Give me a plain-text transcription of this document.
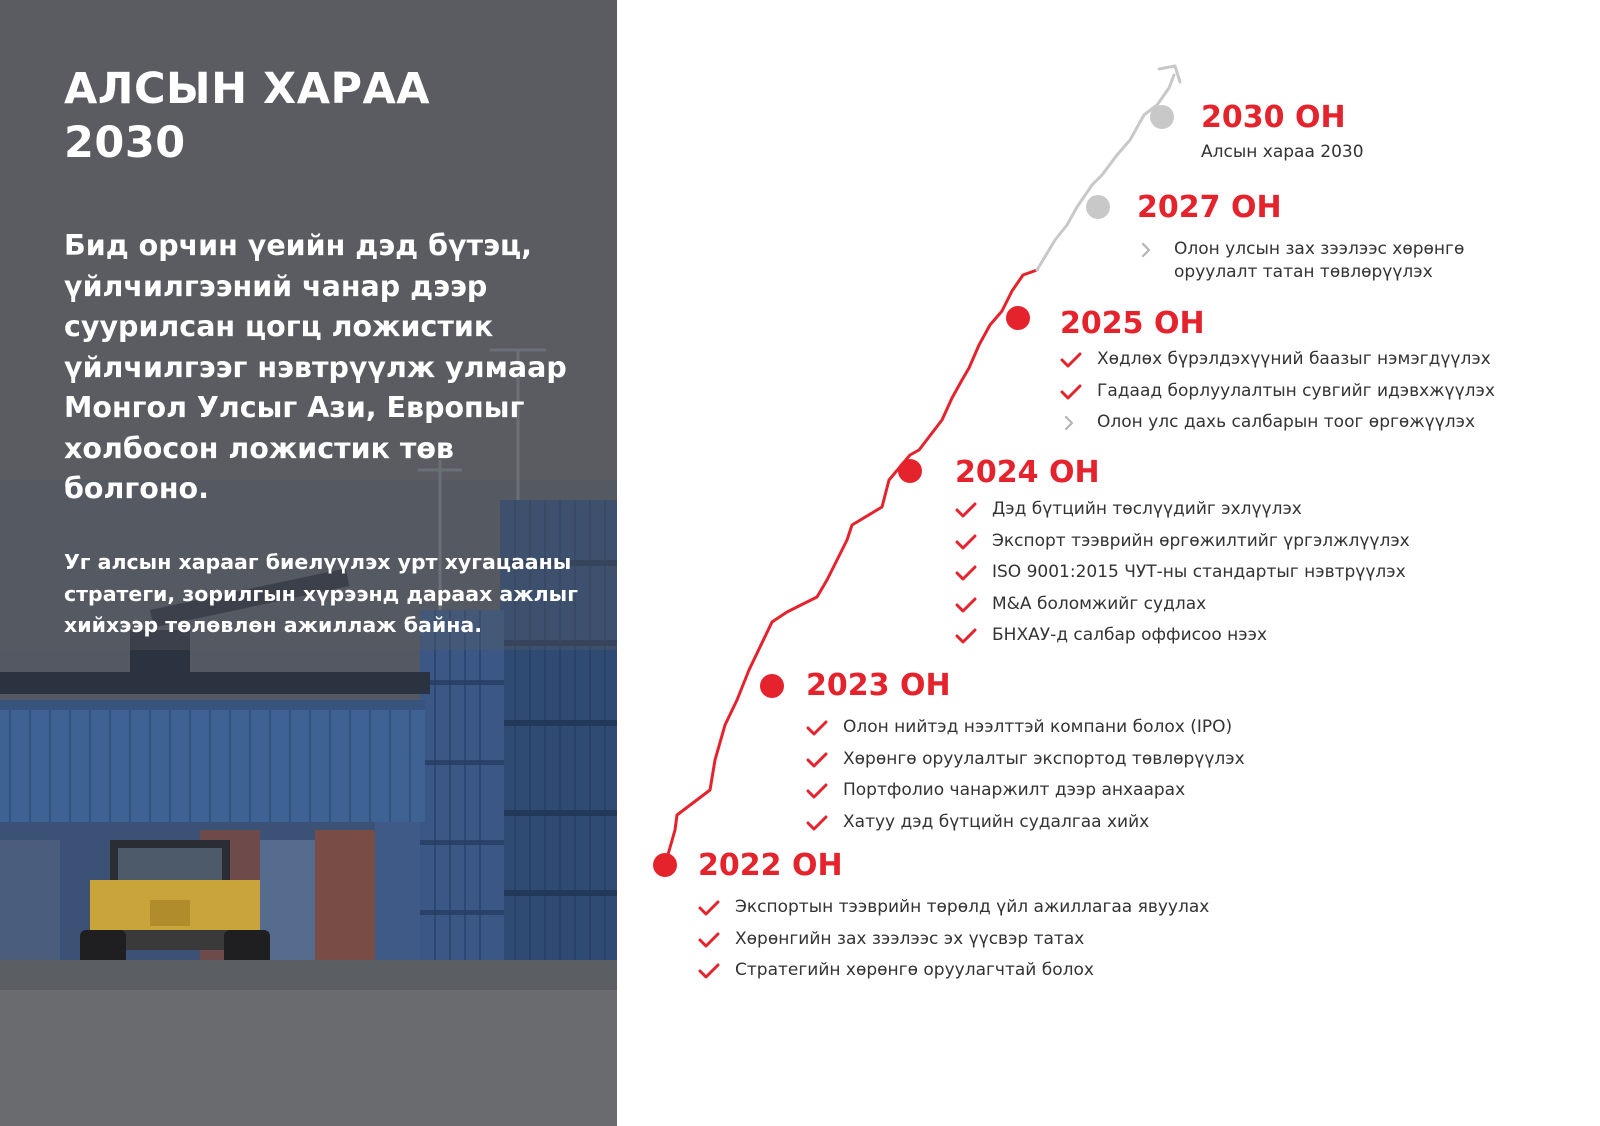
АЛСЫН ХАРАА
2030

Бид орчин үеийн дэд бүтэц, үйлчилгээний чанар дээр суурилсан цогц ложистик үйлчилгээг нэвтрүүлж улмаар Монгол Улсыг Ази, Европыг холбосон ложистик төв болгоно.

Уг алсын харааг биелүүлэх урт хугацааны стратеги, зорилгын хүрээнд дараах ажлыг хийхээр төлөвлөн ажиллаж байна.

2030 ОН

Алсын хараа 2030

2027 ОН
Олон улсын зах зээлээс хөрөнгө оруулалт татан төвлөрүүлэх
2025 ОН
Хөдлөх бүрэлдэхүүний баазыг нэмэгдүүлэх
Гадаад борлуулалтын сувгийг идэвхжүүлэх
Олон улс дахь салбарын тоог өргөжүүлэх
2024 ОН
Дэд бүтцийн төслүүдийг эхлүүлэх
Экспорт тээврийн өргөжилтийг үргэлжлүүлэх
ISO 9001:2015 ЧУТ-ны стандартыг нэвтрүүлэх
M&A боломжийг судлах
БНХАУ-д салбар оффисоо нээх
2023 ОН
Олон нийтэд нээлттэй компани болох (IPO)
Хөрөнгө оруулалтыг экспортод төвлөрүүлэх
Портфолио чанаржилт дээр анхаарах
Хатуу дэд бүтцийн судалгаа хийх
2022 ОН
Экспортын тээврийн төрөлд үйл ажиллагаа явуулах
Хөрөнгийн зах зээлээс эх үүсвэр татах
Стратегийн хөрөнгө оруулагчтай болох
